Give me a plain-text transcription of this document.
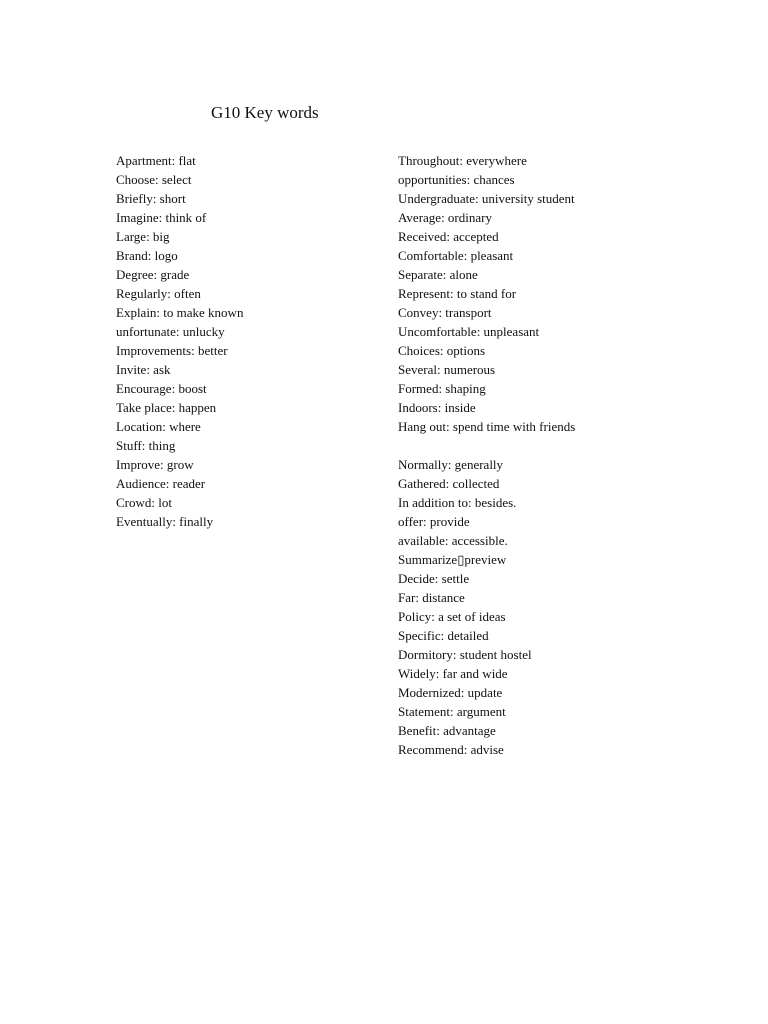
G10 Key words
Apartment: flat
Choose: select
Briefly: short
Imagine: think of
Large: big
Brand: logo
Degree: grade
Regularly: often
Explain: to make known
unfortunate: unlucky
Improvements: better
Invite: ask
Encourage: boost
Take place: happen
Location: where
Stuff: thing
Improve: grow
Audience: reader
Crowd: lot
Eventually: finally
Throughout: everywhere
opportunities: chances
Undergraduate: university student
Average: ordinary
Received: accepted
Comfortable: pleasant
Separate: alone
Represent: to stand for
Convey: transport
Uncomfortable: unpleasant
Choices: options
Several: numerous
Formed: shaping
Indoors: inside
Hang out: spend time with friends
Normally: generally
Gathered: collected
In addition to: besides.
offer: provide
available: accessible.
Summarize▯preview
Decide: settle
Far: distance
Policy: a set of ideas
Specific: detailed
Dormitory: student hostel
Widely: far and wide
Modernized: update
Statement: argument
Benefit: advantage
Recommend: advise
